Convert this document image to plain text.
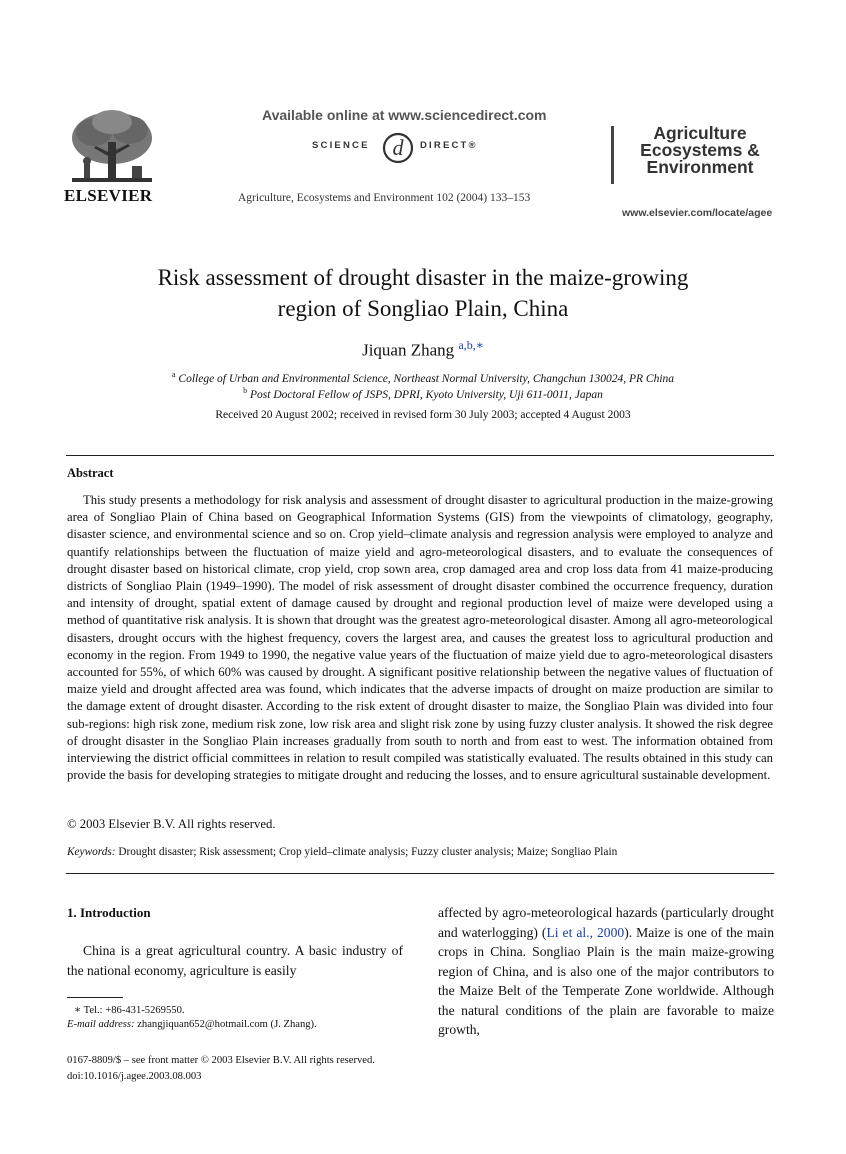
ELSEVIER
Available online at www.sciencedirect.com
SCIENCE d DIRECT®
Agriculture, Ecosystems and Environment 102 (2004) 133–153
Agriculture
Ecosystems &
Environment
www.elsevier.com/locate/agee
Risk assessment of drought disaster in the maize-growing
region of Songliao Plain, China
Jiquan Zhang $^{a,b,∗}$
$^a$ College of Urban and Environmental Science, Northeast Normal University, Changchun 130024, PR China
$^b$ Post Doctoral Fellow of JSPS, DPRI, Kyoto University, Uji 611-0011, Japan
Received 20 August 2002; received in revised form 30 July 2003; accepted 4 August 2003
Abstract
This study presents a methodology for risk analysis and assessment of drought disaster to agricultural production in the maize-growing area of Songliao Plain of China based on Geographical Information Systems (GIS) from the viewpoints of climatology, geography, disaster science, and environmental science and so on. Crop yield–climate analysis and regression analysis were employed to analyze and quantify relationships between the fluctuation of maize yield and agro-meteorological disasters, and to evaluate the consequences of drought disaster based on historical climate, crop yield, crop sown area, crop damaged area and crop loss data from 41 maize-producing districts of Songliao Plain (1949–1990). The model of risk assessment of drought disaster combined the occurrence frequency, duration and intensity of drought, spatial extent of damage caused by drought and regional production level of maize were developed using a method of quantitative risk analysis. It is shown that drought was the greatest agro-meteorological disaster. Among all agro-meteorological disasters, drought occurs with the highest frequency, covers the largest area, and causes the greatest loss to agricultural production and economy in the region. From 1949 to 1990, the negative value years of the fluctuation of maize yield due to agro-meteorological disasters accounted for 55%, of which 60% was caused by drought. A significant positive relationship between the negative values of fluctuation of maize yield and drought affected area was found, which indicates that the adverse impacts of drought on maize production are similar to the damage extent of drought disaster. According to the risk extent of drought disaster to maize, the Songliao Plain was divided into four sub-regions: high risk zone, medium risk zone, low risk area and slight risk zone by using fuzzy cluster analysis. It showed the risk degree of drought disaster in the Songliao Plain increases gradually from south to north and from east to west. The information obtained from interviewing the district official committees in relation to result compiled was statistically evaluated. The results obtained in this study can provide the basis for developing strategies to mitigate drought and reducing the losses, and to ensure agricultural sustainable development.
© 2003 Elsevier B.V. All rights reserved.
Keywords: Drought disaster; Risk assessment; Crop yield–climate analysis; Fuzzy cluster analysis; Maize; Songliao Plain
1. Introduction
China is a great agricultural country. A basic industry of the national economy, agriculture is easily
affected by agro-meteorological hazards (particularly drought and waterlogging) (Li et al., 2000). Maize is one of the main crops in China. Songliao Plain is the main maize-growing region of China, and is also one of the major contributors to the Maize Belt of the Temperate Zone worldwide. Although the natural conditions of the plain are favorable to maize growth,
∗ Tel.: +86-431-5269550.
E-mail address: zhangjiquan652@hotmail.com (J. Zhang).
0167-8809/$ – see front matter © 2003 Elsevier B.V. All rights reserved.
doi:10.1016/j.agee.2003.08.003
